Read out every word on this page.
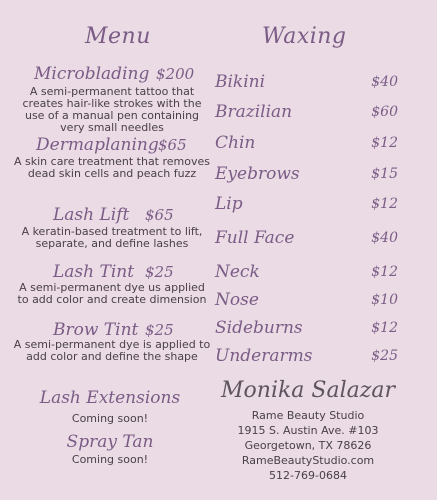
Menu
Microblading $200
A semi-permanent tattoo that creates hair-like strokes with the use of a manual pen containing very small needles
Dermaplaning $65
A skin care treatment that removes dead skin cells and peach fuzz
Lash Lift $65
A keratin-based treatment to lift, separate, and define lashes
Lash Tint $25
A semi-permanent dye us applied to add color and create dimension
Brow Tint $25
A semi-permanent dye is applied to add color and define the shape
Lash Extensions
Coming soon!
Spray Tan
Coming soon!
Waxing
Bikini	$40
Brazilian	$60
Chin	$12
Eyebrows	$15
Lip	$12
Full Face	$40
Neck	$12
Nose	$10
Sideburns	$12
Underarms	$25
Monika Salazar
Rame Beauty Studio
1915 S. Austin Ave. #103
Georgetown, TX 78626
RameBeautyStudio.com
512-769-0684
